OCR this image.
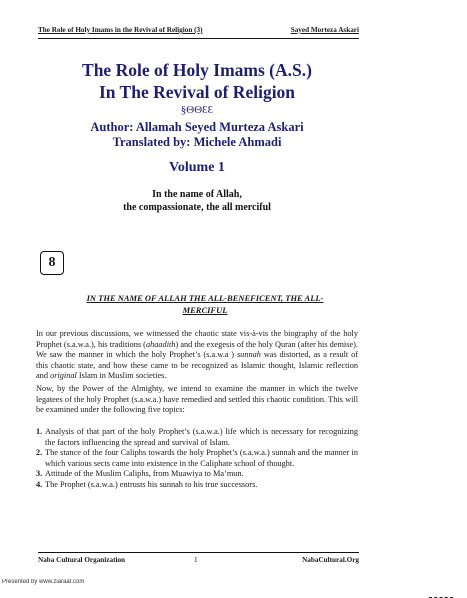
The Role of Holy Imams in the Revival of Religion (3)	Sayed Morteza Askari
The Role of Holy Imams (A.S.)
In The Revival of Religion
§ΘΘƐƐ
Author: Allamah Seyed Murteza Askari
Translated by: Michele Ahmadi
Volume 1
In the name of Allah,
the compassionate, the all merciful
8
IN THE NAME OF ALLAH THE ALL-BENEFICENT, THE ALL-
MERCIFUL

In our previous discussions, we witnessed the chaotic state vis-à-vis the biography of the holy Prophet (s.a.w.a.), his traditions (ahaadith) and the exegesis of the holy Quran (after his demise). We saw the manner in which the holy Prophet’s (s.a.w.a ) sunnah was distorted, as a result of this chaotic state, and how these came to be recognized as Islamic thought, Islamic reflection and original Islam in Muslim societies.

Now, by the Power of the Almighty, we intend to examine the manner in which the twelve legatees of the holy Prophet (s.a.w.a.) have remedied and settled this chaotic condition. This will be examined under the following five topics:

1. Analysis of that part of the holy Prophet’s (s.a.w.a.) life which is necessary for recognizing the factors influencing the spread and survival of Islam.
2. The stance of the four Caliphs towards the holy Prophet’s (s.a.w.a.) sunnah and the manner in which various sects came into existence in the Caliphate school of thought.
3. Attitude of the Muslim Caliphs, from Muawiya to Ma’mun.
4. The Prophet (s.a.w.a.) entrusts his sunnah to his true successors.
Naba Cultural Organization	1	NabaCultural.Org
Presented by www.ziaraat.com
